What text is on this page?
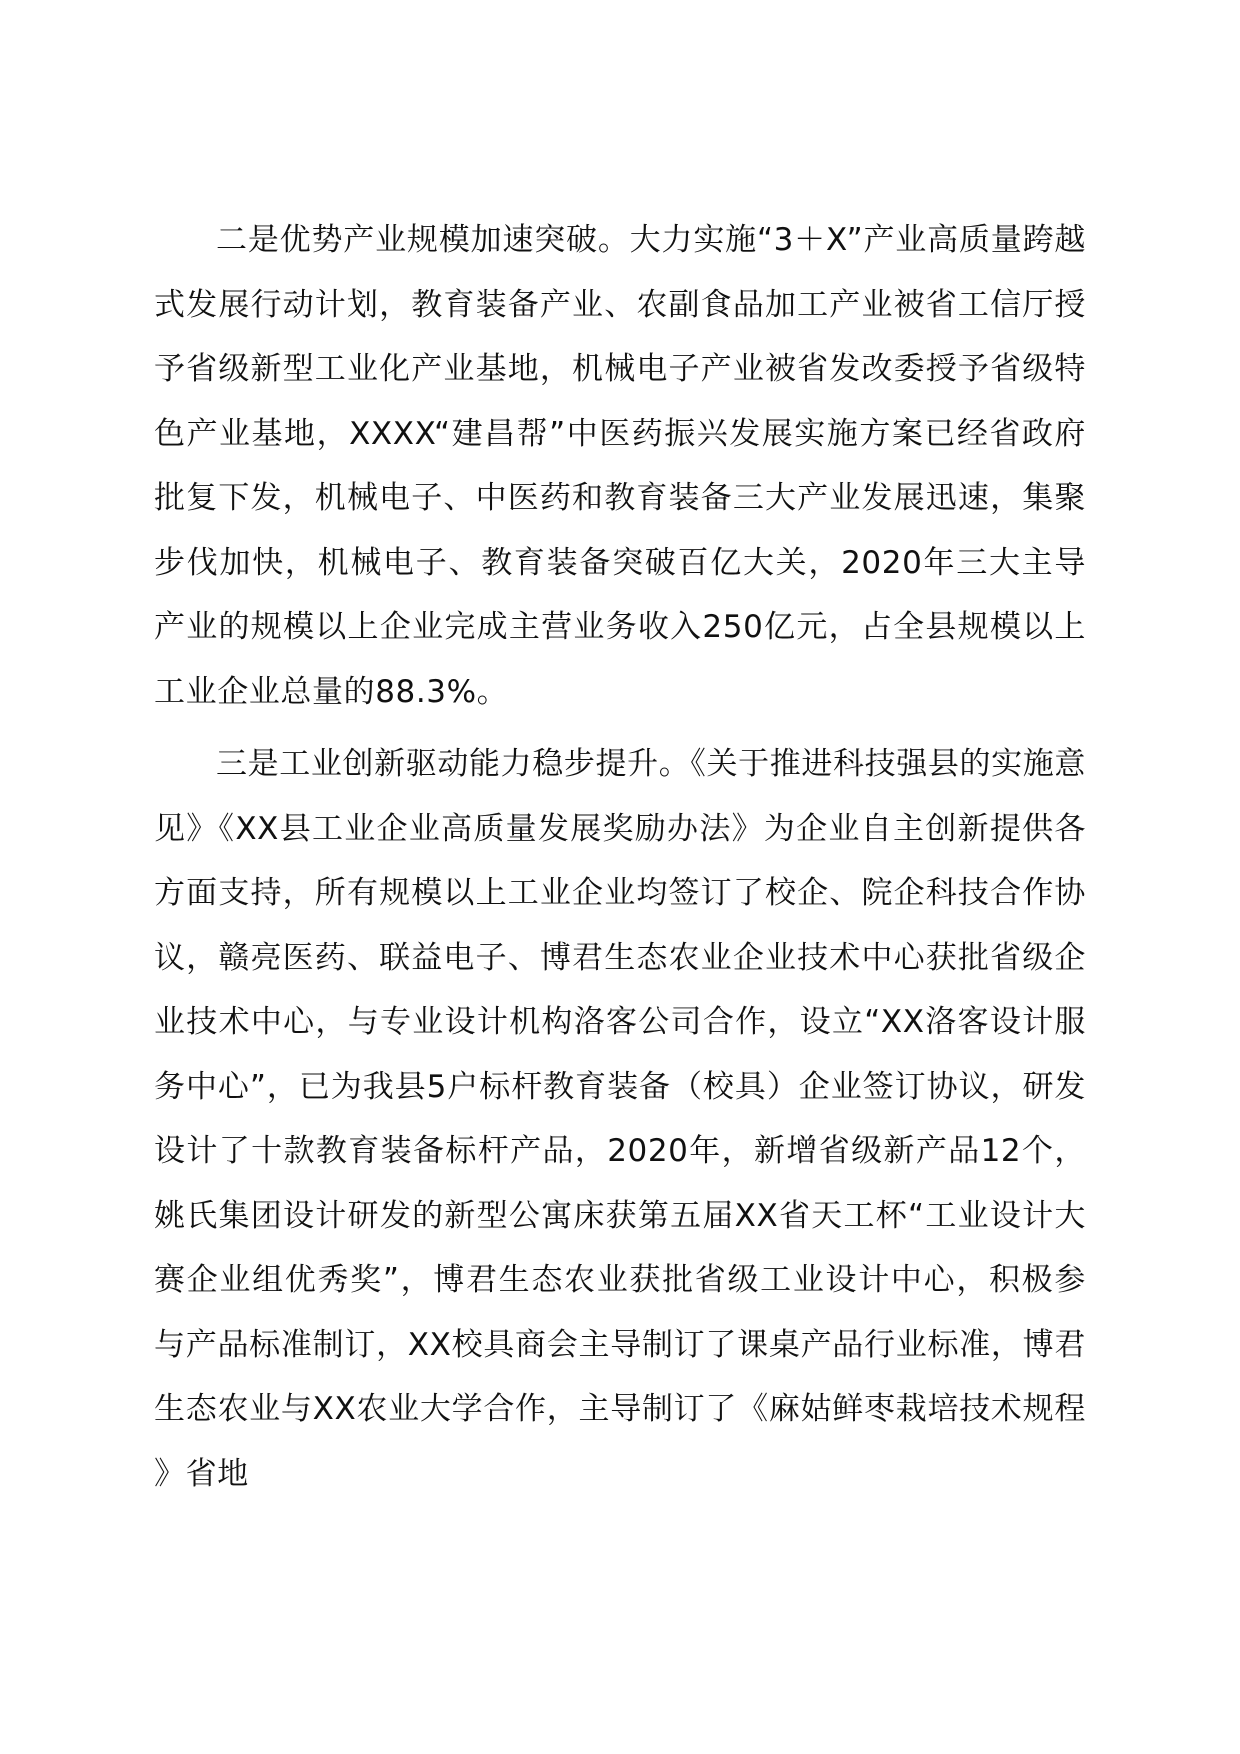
二是优势产业规模加速突破。大力实施“3＋X”产业高质量跨越式发展行动计划，教育装备产业、农副食品加工产业被省工信厅授予省级新型工业化产业基地，机械电子产业被省发改委授予省级特色产业基地，XXXX“建昌帮”中医药振兴发展实施方案已经省政府批复下发，机械电子、中医药和教育装备三大产业发展迅速，集聚步伐加快，机械电子、教育装备突破百亿大关，2020年三大主导产业的规模以上企业完成主营业务收入250亿元，占全县规模以上工业企业总量的88.3%。

三是工业创新驱动能力稳步提升。《关于推进科技强县的实施意见》《XX县工业企业高质量发展奖励办法》为企业自主创新提供各方面支持，所有规模以上工业企业均签订了校企、院企科技合作协议，赣亮医药、联益电子、博君生态农业企业技术中心获批省级企业技术中心，与专业设计机构洛客公司合作，设立“XX洛客设计服务中心”，已为我县5户标杆教育装备（校具）企业签订协议，研发设计了十款教育装备标杆产品，2020年，新增省级新产品12个，姚氏集团设计研发的新型公寓床获第五届XX省天工杯“工业设计大赛企业组优秀奖”，博君生态农业获批省级工业设计中心，积极参与产品标准制订，XX校具商会主导制订了课桌产品行业标准，博君生态农业与XX农业大学合作，主导制订了《麻姑鲜枣栽培技术规程》省地
